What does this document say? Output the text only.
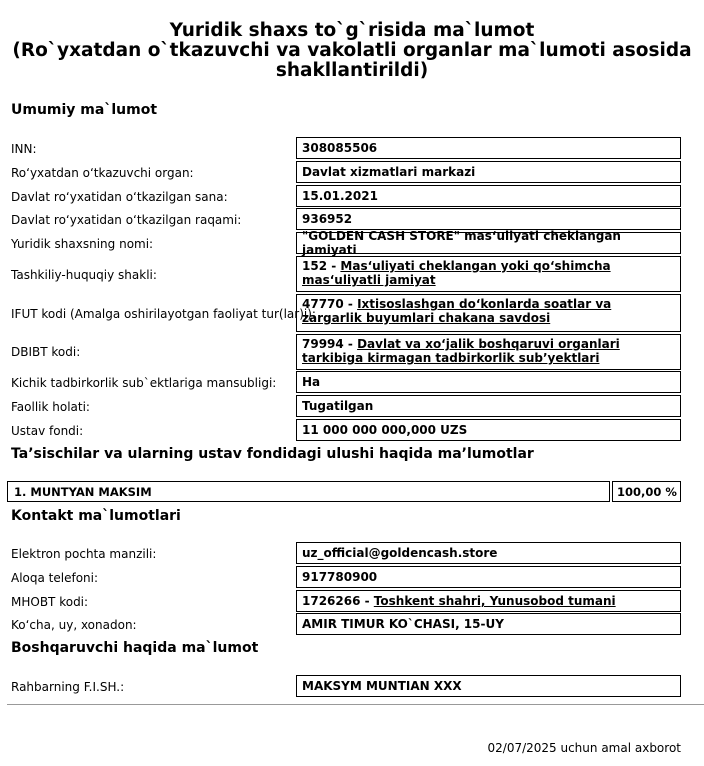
Yuridik shaxs to`g`risida ma`lumot
(Ro`yxatdan o`tkazuvchi va vakolatli organlar ma`lumoti asosida
shakllantirildi)
Umumiy ma`lumot
INN:	308085506
Ro‘yxatdan o‘tkazuvchi organ:	Davlat xizmatlari markazi
Davlat ro‘yxatidan o‘tkazilgan sana:	15.01.2021
Davlat ro‘yxatidan o‘tkazilgan raqami:	936952
Yuridik shaxsning nomi:
"GOLDEN CASH STORE" mas‘uliyati cheklangan jamiyati
Tashkiliy-huquqiy shakli:
152 - Mas‘uliyati cheklangan yoki qo‘shimcha mas‘uliyatli jamiyat
IFUT kodi (Amalga oshirilayotgan faoliyat tur(lar)i):
47770 - Ixtisoslashgan do‘konlarda soatlar va zargarlik buyumlari chakana savdosi
DBIBT kodi:
79994 - Davlat va xo‘jalik boshqaruvi organlari tarkibiga kirmagan tadbirkorlik sub’yektlari
Kichik tadbirkorlik sub`ektlariga mansubligi: Ha
Faollik holati:	Tugatilgan
Ustav fondi:	11 000 000 000,000 UZS
Ta’sischilar va ularning ustav fondidagi ulushi haqida ma’lumotlar
1. MUNTYAN MAKSIM	100,00 %
Kontakt ma`lumotlari
Elektron pochta manzili:	uz_official@goldencash.store
Aloqa telefoni:	917780900
MHOBT kodi:	1726266 - Toshkent shahri, Yunusobod tumani
Ko‘cha, uy, xonadon:	AMIR TIMUR KO`CHASI, 15-UY
Boshqaruvchi haqida ma`lumot
Rahbarning F.I.SH.:	MAKSYM MUNTIAN XXX
02/07/2025 uchun amal axborot
